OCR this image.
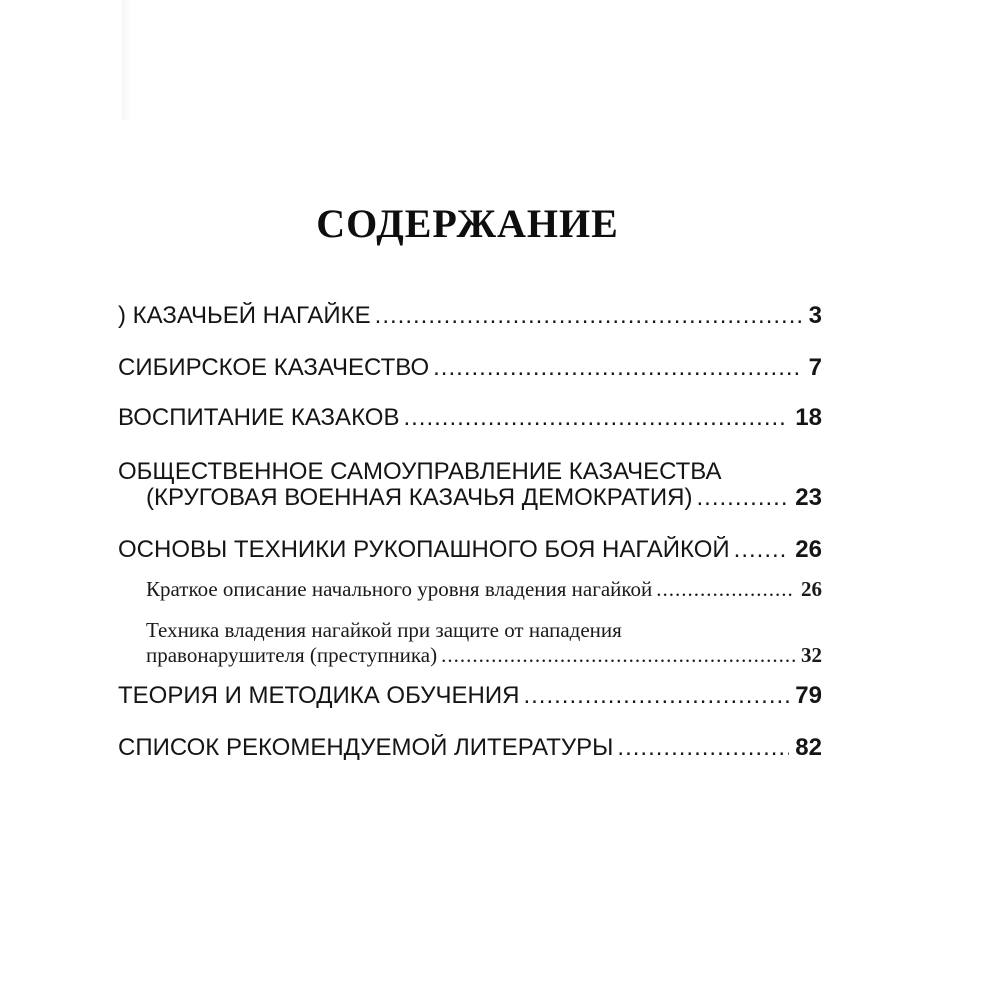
СОДЕРЖАНИЕ
) КАЗАЧЬЕЙ НАГАЙКЕ .....	3
СИБИРСКОЕ КАЗАЧЕСТВО .....	7
ВОСПИТАНИЕ КАЗАКОВ .....	18
ОБЩЕСТВЕННОЕ САМОУПРАВЛЕНИЕ КАЗАЧЕСТВА
(КРУГОВАЯ ВОЕННАЯ КАЗАЧЬЯ ДЕМОКРАТИЯ) .....	23
ОСНОВЫ ТЕХНИКИ РУКОПАШНОГО БОЯ НАГАЙКОЙ .....	26
Краткое описание начального уровня владения нагайкой .....	26
Техника владения нагайкой при защите от нападения
правонарушителя (преступника) .....	32
ТЕОРИЯ И МЕТОДИКА ОБУЧЕНИЯ .....	79
СПИСОК РЕКОМЕНДУЕМОЙ ЛИТЕРАТУРЫ .....	82
